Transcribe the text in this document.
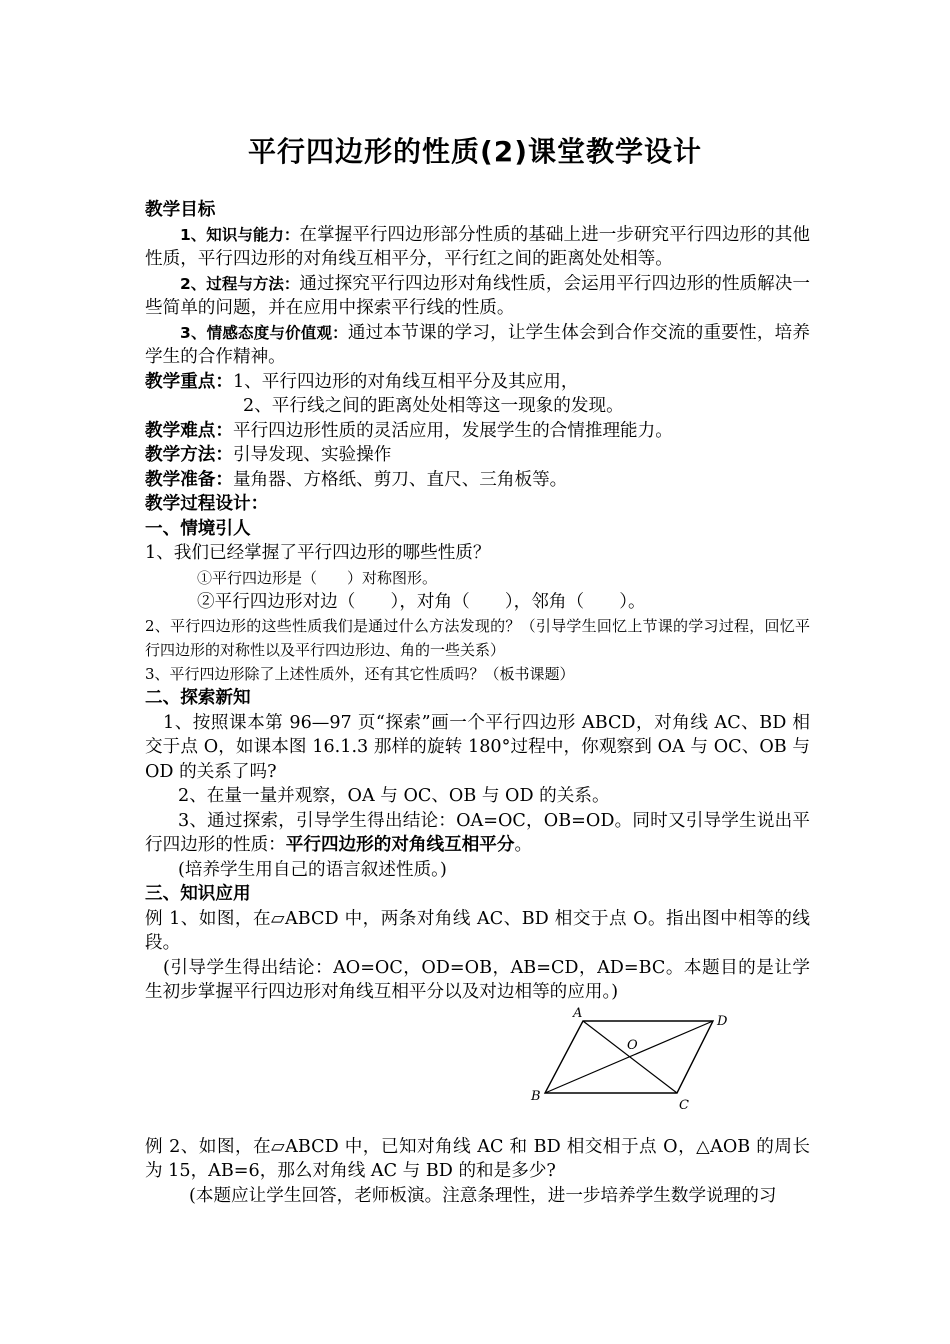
平行四边形的性质(2)课堂教学设计

教学目标

1、知识与能力：在掌握平行四边形部分性质的基础上进一步研究平行四边形的其他性质，平行四边形的对角线互相平分，平行红之间的距离处处相等。

2、过程与方法：通过探究平行四边形对角线性质，会运用平行四边形的性质解决一些简单的问题，并在应用中探索平行线的性质。

3、情感态度与价值观：通过本节课的学习，让学生体会到合作交流的重要性，培养学生的合作精神。

教学重点：1、平行四边形的对角线互相平分及其应用，

2、平行线之间的距离处处相等这一现象的发现。

教学难点：平行四边形性质的灵活应用，发展学生的合情推理能力。

教学方法：引导发现、实验操作

教学准备：量角器、方格纸、剪刀、直尺、三角板等。

教学过程设计：

一、情境引人

1、我们已经掌握了平行四边形的哪些性质？

①平行四边形是（　　）对称图形。

②平行四边形对边（　　），对角（　　），邻角（　　）。

2、平行四边形的这些性质我们是通过什么方法发现的？（引导学生回忆上节课的学习过程，回忆平行四边形的对称性以及平行四边形边、角的一些关系）

3、平行四边形除了上述性质外，还有其它性质吗？（板书课题）

二、探索新知

1、按照课本第 96—97 页“探索”画一个平行四边形 ABCD，对角线 AC、BD 相交于点 O，如课本图 16.1.3 那样的旋转 180°过程中，你观察到 OA 与 OC、OB 与 OD 的关系了吗?

2、在量一量并观察，OA 与 OC、OB 与 OD 的关系。

3、通过探索，引导学生得出结论：OA=OC，OB=OD。同时又引导学生说出平行四边形的性质：平行四边形的对角线互相平分。

(培养学生用自己的语言叙述性质。)

三、知识应用

例 1、如图，在▱ABCD 中，两条对角线 AC、BD 相交于点 O。指出图中相等的线段。

(引导学生得出结论：AO=OC，OD=OB，AB=CD，AD=BC。本题目的是让学生初步掌握平行四边形对角线互相平分以及对边相等的应用。)

A
D
O
B
C

例 2、如图，在▱ABCD 中，已知对角线 AC 和 BD 相交相于点 O，△AOB 的周长为 15，AB=6，那么对角线 AC 与 BD 的和是多少?

(本题应让学生回答，老师板演。注意条理性，进一步培养学生数学说理的习
